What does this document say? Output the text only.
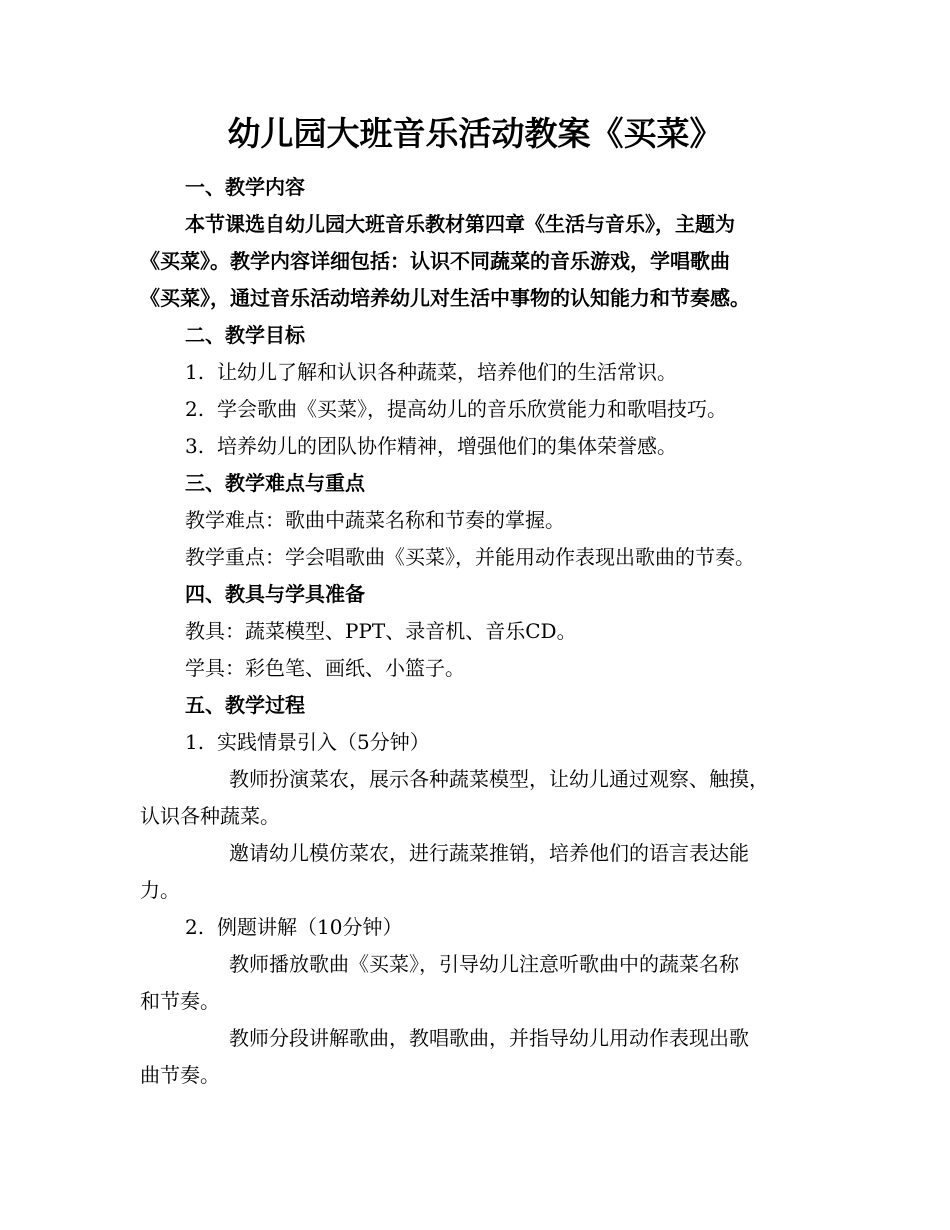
幼儿园大班音乐活动教案《买菜》
一、教学内容
本节课选自幼儿园大班音乐教材第四章《生活与音乐》，主题为
《买菜》。教学内容详细包括：认识不同蔬菜的音乐游戏，学唱歌曲
《买菜》，通过音乐活动培养幼儿对生活中事物的认知能力和节奏感。
二、教学目标
1. 让幼儿了解和认识各种蔬菜，培养他们的生活常识。
2. 学会歌曲《买菜》，提高幼儿的音乐欣赏能力和歌唱技巧。
3. 培养幼儿的团队协作精神，增强他们的集体荣誉感。
三、教学难点与重点
教学难点：歌曲中蔬菜名称和节奏的掌握。
教学重点：学会唱歌曲《买菜》，并能用动作表现出歌曲的节奏。
四、教具与学具准备
教具：蔬菜模型、PPT、录音机、音乐CD。
学具：彩色笔、画纸、小篮子。
五、教学过程
1. 实践情景引入（5分钟）
教师扮演菜农，展示各种蔬菜模型，让幼儿通过观察、触摸，
认识各种蔬菜。
邀请幼儿模仿菜农，进行蔬菜推销，培养他们的语言表达能
力。
2. 例题讲解（10分钟）
教师播放歌曲《买菜》，引导幼儿注意听歌曲中的蔬菜名称
和节奏。
教师分段讲解歌曲，教唱歌曲，并指导幼儿用动作表现出歌
曲节奏。
